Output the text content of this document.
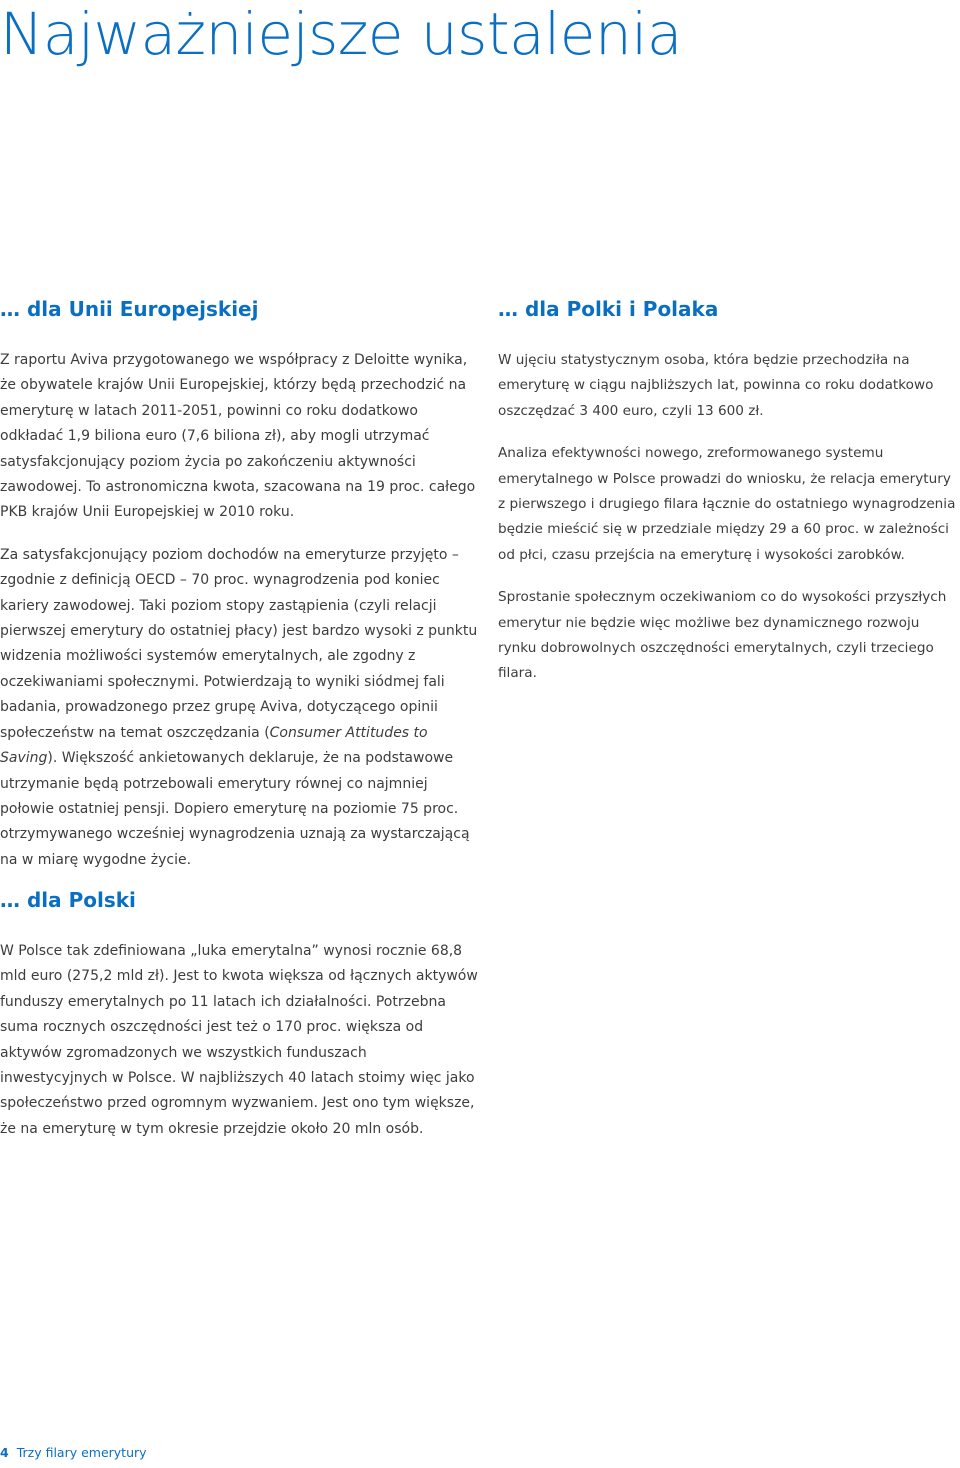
Najważniejsze ustalenia
… dla Unii Europejskiej

Z raportu Aviva przygotowanego we współpracy z Deloitte wynika, że obywatele krajów Unii Europejskiej, którzy będą przechodzić na emeryturę w latach 2011-2051, powinni co roku dodatkowo odkładać 1,9 biliona euro (7,6 biliona zł), aby mogli utrzymać satysfakcjonujący poziom życia po zakończeniu aktywności zawodowej. To astronomiczna kwota, szacowana na 19 proc. całego PKB krajów Unii Europejskiej w 2010 roku.

Za satysfakcjonujący poziom dochodów na emeryturze przyjęto – zgodnie z definicją OECD – 70 proc. wynagrodzenia pod koniec kariery zawodowej. Taki poziom stopy zastąpienia (czyli relacji pierwszej emerytury do ostatniej płacy) jest bardzo wysoki z punktu widzenia możliwości systemów emerytalnych, ale zgodny z oczekiwaniami społecznymi. Potwierdzają to wyniki siódmej fali badania, prowadzonego przez grupę Aviva, dotyczącego opinii społeczeństw na temat oszczędzania (Consumer Attitudes to Saving). Większość ankietowanych deklaruje, że na podstawowe utrzymanie będą potrzebowali emerytury równej co najmniej połowie ostatniej pensji. Dopiero emeryturę na poziomie 75 proc. otrzymywanego wcześniej wynagrodzenia uznają za wystarczającą na w miarę wygodne życie.

… dla Polki i Polaka

W ujęciu statystycznym osoba, która będzie przechodziła na emeryturę w ciągu najbliższych lat, powinna co roku dodatkowo oszczędzać 3 400 euro, czyli 13 600 zł.

Analiza efektywności nowego, zreformowanego systemu emerytalnego w Polsce prowadzi do wniosku, że relacja emerytury z pierwszego i drugiego filara łącznie do ostatniego wynagrodzenia będzie mieścić się w przedziale między 29 a 60 proc. w zależności od płci, czasu przejścia na emeryturę i wysokości zarobków.

Sprostanie społecznym oczekiwaniom co do wysokości przyszłych emerytur nie będzie więc możliwe bez dynamicznego rozwoju rynku dobrowolnych oszczędności emerytalnych, czyli trzeciego filara.

… dla Polski

W Polsce tak zdefiniowana „luka emerytalna” wynosi rocznie 68,8 mld euro (275,2 mld zł). Jest to kwota większa od łącznych aktywów funduszy emerytalnych po 11 latach ich działalności. Potrzebna suma rocznych oszczędności jest też o 170 proc. większa od aktywów zgromadzonych we wszystkich funduszach inwestycyjnych w Polsce. W najbliższych 40 latach stoimy więc jako społeczeństwo przed ogromnym wyzwaniem. Jest ono tym większe, że na emeryturę w tym okresie przejdzie około 20 mln osób.

4 Trzy filary emerytury
